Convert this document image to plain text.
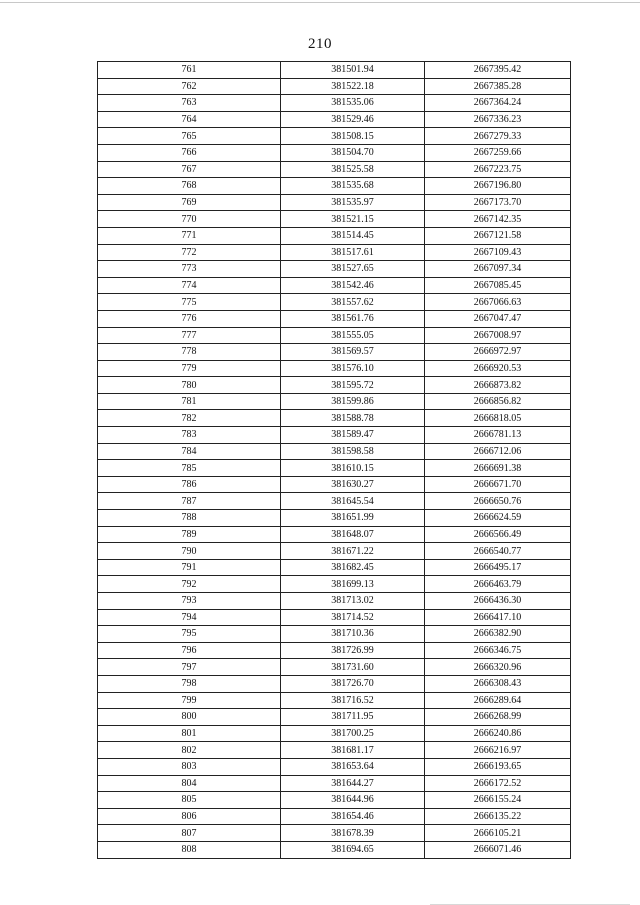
210
761	381501.94	2667395.42
762	381522.18	2667385.28
763	381535.06	2667364.24
764	381529.46	2667336.23
765	381508.15	2667279.33
766	381504.70	2667259.66
767	381525.58	2667223.75
768	381535.68	2667196.80
769	381535.97	2667173.70
770	381521.15	2667142.35
771	381514.45	2667121.58
772	381517.61	2667109.43
773	381527.65	2667097.34
774	381542.46	2667085.45
775	381557.62	2667066.63
776	381561.76	2667047.47
777	381555.05	2667008.97
778	381569.57	2666972.97
779	381576.10	2666920.53
780	381595.72	2666873.82
781	381599.86	2666856.82
782	381588.78	2666818.05
783	381589.47	2666781.13
784	381598.58	2666712.06
785	381610.15	2666691.38
786	381630.27	2666671.70
787	381645.54	2666650.76
788	381651.99	2666624.59
789	381648.07	2666566.49
790	381671.22	2666540.77
791	381682.45	2666495.17
792	381699.13	2666463.79
793	381713.02	2666436.30
794	381714.52	2666417.10
795	381710.36	2666382.90
796	381726.99	2666346.75
797	381731.60	2666320.96
798	381726.70	2666308.43
799	381716.52	2666289.64
800	381711.95	2666268.99
801	381700.25	2666240.86
802	381681.17	2666216.97
803	381653.64	2666193.65
804	381644.27	2666172.52
805	381644.96	2666155.24
806	381654.46	2666135.22
807	381678.39	2666105.21
808	381694.65	2666071.46
